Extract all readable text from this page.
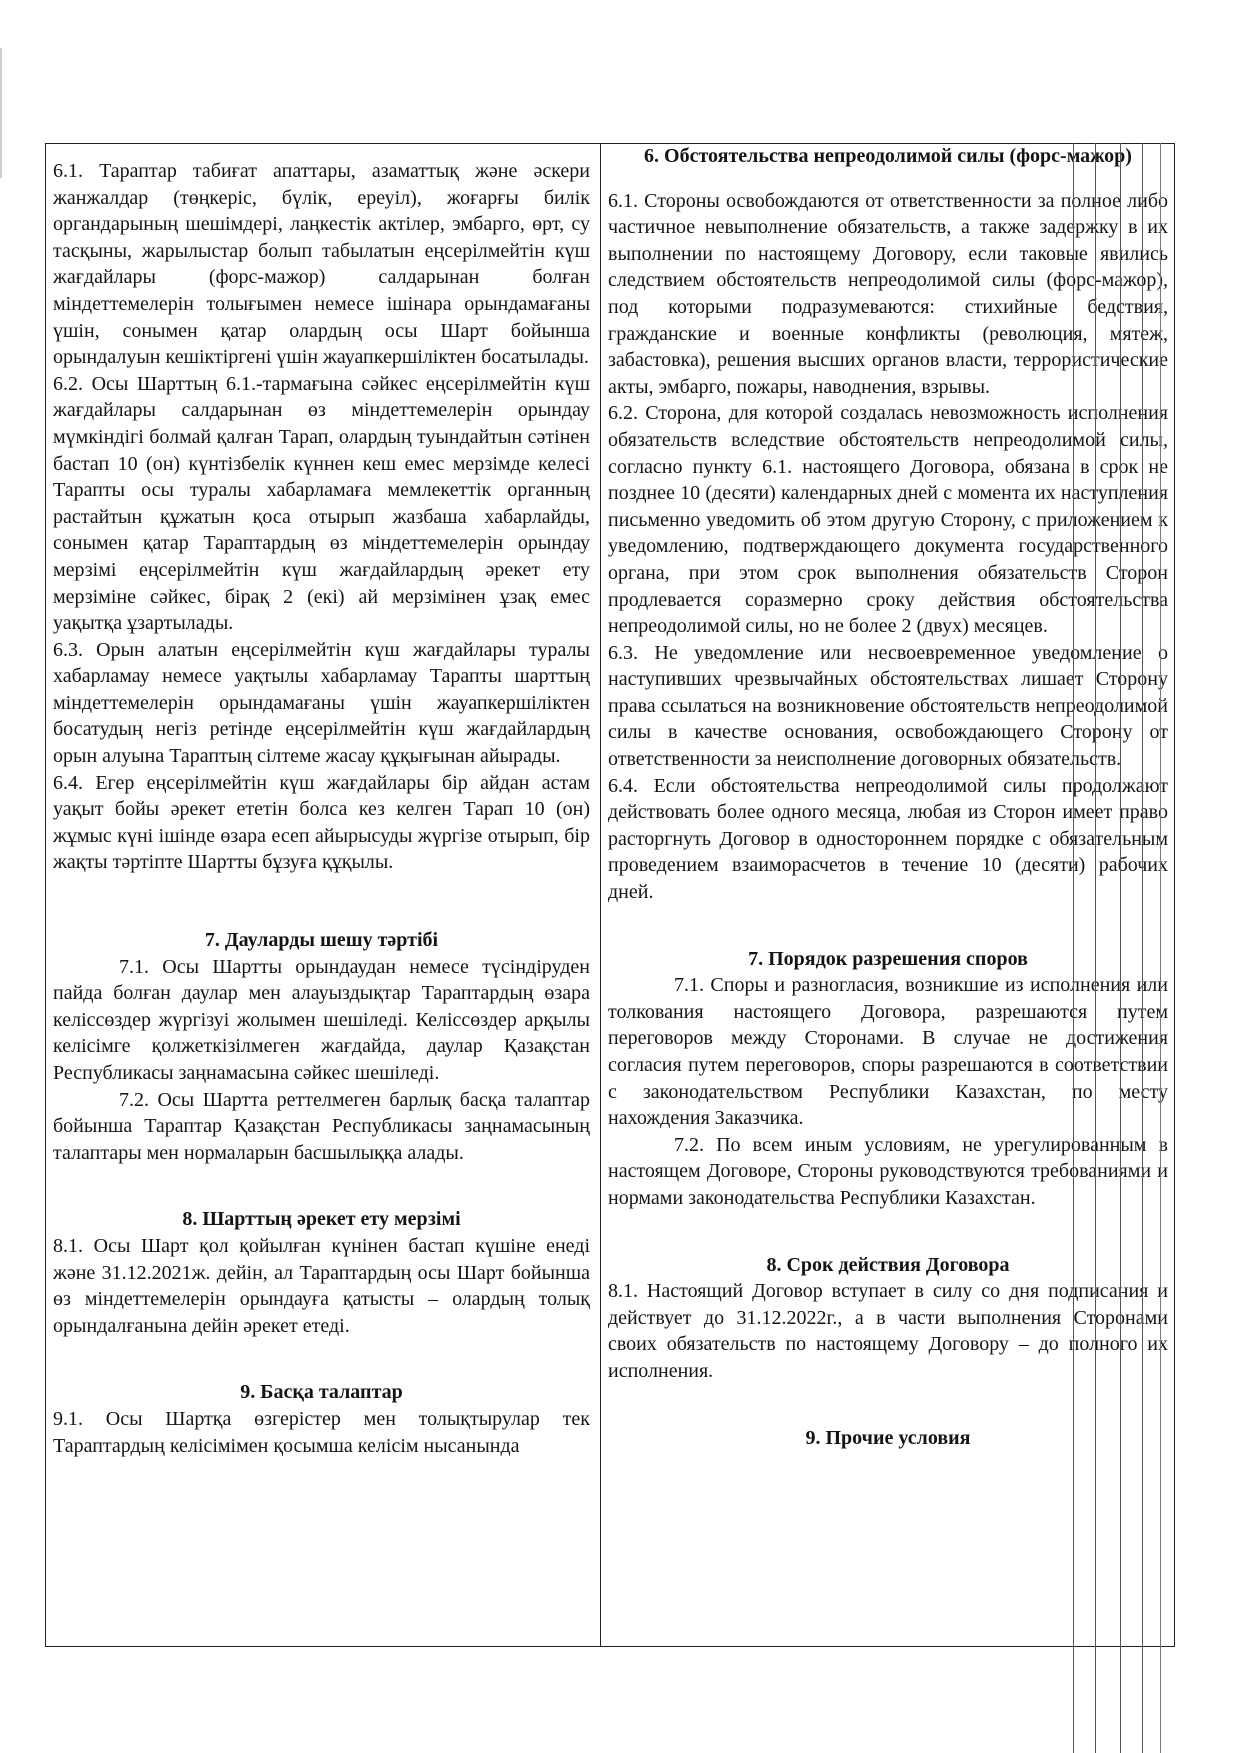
6.1. Тараптар табиғат апаттары, азаматтық және әскери жанжалдар (төңкеріс, бүлік, ереуіл), жоғарғы билік органдарының шешімдері, лаңкестік актілер, эмбарго, өрт, су тасқыны, жарылыстар болып табылатын еңсерілмейтін күш жағдайлары (форс-мажор) салдарынан болған міндеттемелерін толығымен немесе ішінара орындамағаны үшін, сонымен қатар олардың осы Шарт бойынша орындалуын кешіктіргені үшін жауапкершіліктен босатылады.

6.2. Осы Шарттың 6.1.-тармағына сәйкес еңсерілмейтін күш жағдайлары салдарынан өз міндеттемелерін орындау мүмкіндігі болмай қалған Тарап, олардың туындайтын сәтінен бастап 10 (он) күнтізбелік күннен кеш емес мерзімде келесі Тарапты осы туралы хабарламаға мемлекеттік органның растайтын құжатын қоса отырып жазбаша хабарлайды, сонымен қатар Тараптардың өз міндеттемелерін орындау мерзімі еңсерілмейтін күш жағдайлардың әрекет ету мерзіміне сәйкес, бірақ 2 (екі) ай мерзімінен ұзақ емес уақытқа ұзартылады.

6.3. Орын алатын еңсерілмейтін күш жағдайлары туралы хабарламау немесе уақтылы хабарламау Тарапты шарттың міндеттемелерін орындамағаны үшін жауапкершіліктен босатудың негіз ретінде еңсерілмейтін күш жағдайлардың орын алуына Тараптың сілтеме жасау құқығынан айырады.

6.4. Егер еңсерілмейтін күш жағдайлары бір айдан астам уақыт бойы әрекет ететін болса кез келген Тарап 10 (он) жұмыс күні ішінде өзара есеп айырысуды жүргізе отырып, бір жақты тәртіпте Шартты бұзуға құқылы.

7. Дауларды шешу тәртібі

7.1. Осы Шартты орындаудан немесе түсіндіруден пайда болған даулар мен алауыздықтар Тараптардың өзара келіссөздер жүргізуі жолымен шешіледі. Келіссөздер арқылы келісімге қолжеткізілмеген жағдайда, даулар Қазақстан Республикасы заңнамасына сәйкес шешіледі.

7.2. Осы Шартта реттелмеген барлық басқа талаптар бойынша Тараптар Қазақстан Республикасы заңнамасының талаптары мен нормаларын басшылыққа алады.

8. Шарттың әрекет ету мерзімі

8.1. Осы Шарт қол қойылған күнінен бастап күшіне енеді және 31.12.2021ж. дейін, ал Тараптардың осы Шарт бойынша өз міндеттемелерін орындауға қатысты – олардың толық орындалғанына дейін әрекет етеді.

9. Басқа талаптар

9.1. Осы Шартқа өзгерістер мен толықтырулар тек Тараптардың келісімімен қосымша келісім нысанында

6. Обстоятельства непреодолимой силы (форс-мажор)

6.1. Стороны освобождаются от ответственности за полное либо частичное невыполнение обязательств, а также задержку в их выполнении по настоящему Договору, если таковые явились следствием обстоятельств непреодолимой силы (форс-мажор), под которыми подразумеваются: стихийные бедствия, гражданские и военные конфликты (революция, мятеж, забастовка), решения высших органов власти, террористические акты, эмбарго, пожары, наводнения, взрывы.

6.2. Сторона, для которой создалась невозможность исполнения обязательств вследствие обстоятельств непреодолимой силы, согласно пункту 6.1. настоящего Договора, обязана в срок не позднее 10 (десяти) календарных дней с момента их наступления письменно уведомить об этом другую Сторону, с приложением к уведомлению, подтверждающего документа государственного органа, при этом срок выполнения обязательств Сторон продлевается соразмерно сроку действия обстоятельства непреодолимой силы, но не более 2 (двух) месяцев.

6.3. Не уведомление или несвоевременное уведомление о наступивших чрезвычайных обстоятельствах лишает Сторону права ссылаться на возникновение обстоятельств непреодолимой силы в качестве основания, освобождающего Сторону от ответственности за неисполнение договорных обязательств.

6.4. Если обстоятельства непреодолимой силы продолжают действовать более одного месяца, любая из Сторон имеет право расторгнуть Договор в одностороннем порядке с обязательным проведением взаиморасчетов в течение 10 (десяти) рабочих дней.

7. Порядок разрешения споров

7.1. Споры и разногласия, возникшие из исполнения или толкования настоящего Договора, разрешаются путем переговоров между Сторонами. В случае не достижения согласия путем переговоров, споры разрешаются в соответствии с законодательством Республики Казахстан, по месту нахождения Заказчика.

7.2. По всем иным условиям, не урегулированным в настоящем Договоре, Стороны руководствуются требованиями и нормами законодательства Республики Казахстан.

8. Срок действия Договора

8.1. Настоящий Договор вступает в силу со дня подписания и действует до 31.12.2022г., а в части выполнения Сторонами своих обязательств по настоящему Договору – до полного их исполнения.

9. Прочие условия
